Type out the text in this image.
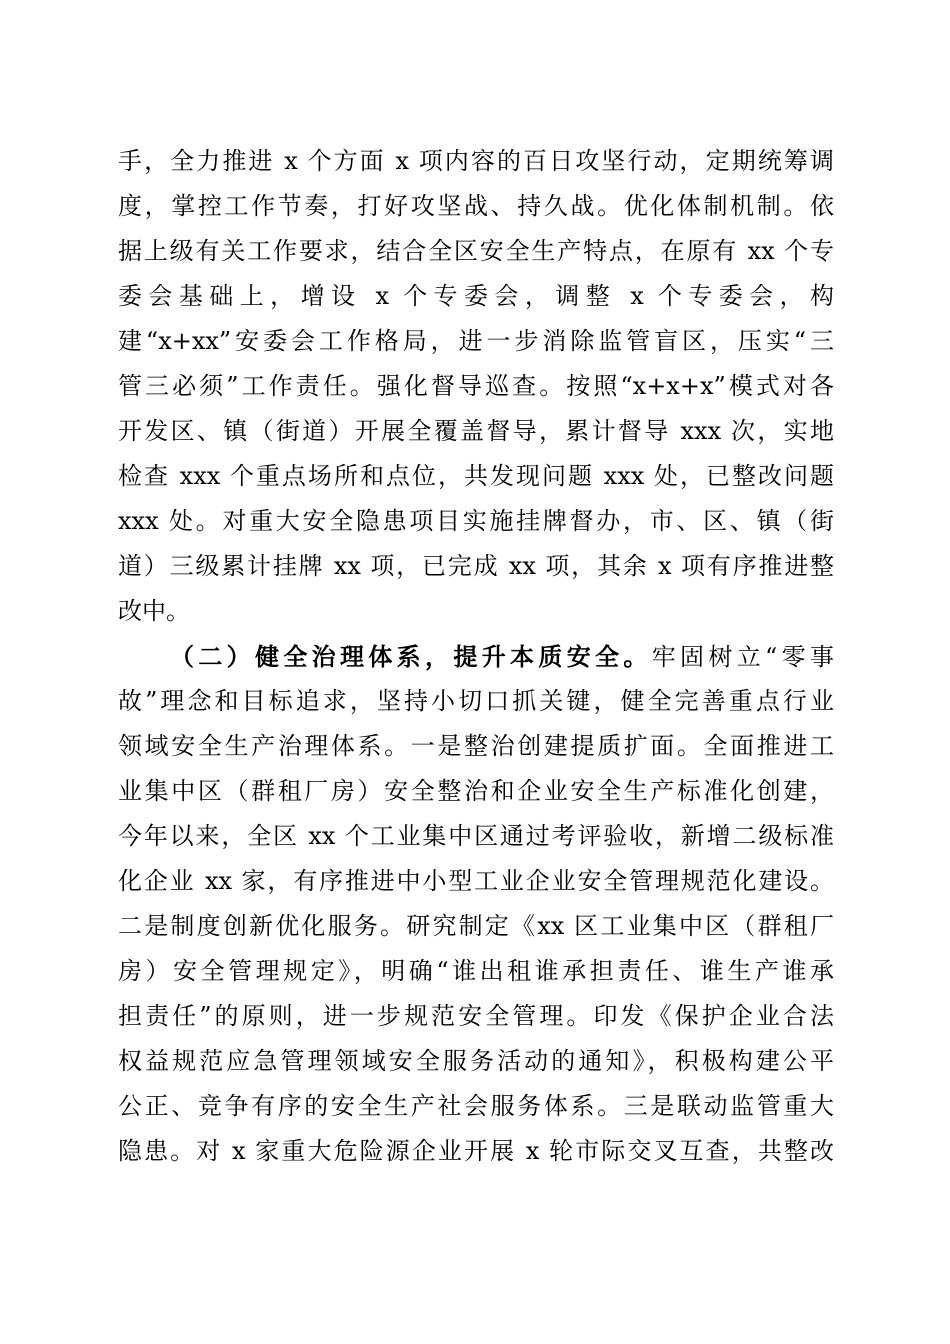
手，全力推进 x 个方面 x 项内容的百日攻坚行动，定期统筹调
度，掌控工作节奏，打好攻坚战、持久战。优化体制机制。依
据上级有关工作要求，结合全区安全生产特点，在原有 xx 个专
委会基础上，增设 x 个专委会，调整 x 个专委会，构
建“x+xx”安委会工作格局，进一步消除监管盲区，压实“三
管三必须”工作责任。强化督导巡查。按照“x+x+x”模式对各
开发区、镇（街道）开展全覆盖督导，累计督导 xxx 次，实地
检查 xxx 个重点场所和点位，共发现问题 xxx 处，已整改问题
xxx 处。对重大安全隐患项目实施挂牌督办，市、区、镇（街
道）三级累计挂牌 xx 项，已完成 xx 项，其余 x 项有序推进整
改中。
（二）健全治理体系，提升本质安全。牢固树立“零事
故”理念和目标追求，坚持小切口抓关键，健全完善重点行业
领域安全生产治理体系。一是整治创建提质扩面。全面推进工
业集中区（群租厂房）安全整治和企业安全生产标准化创建，
今年以来，全区 xx 个工业集中区通过考评验收，新增二级标准
化企业 xx 家，有序推进中小型工业企业安全管理规范化建设。
二是制度创新优化服务。研究制定《xx 区工业集中区（群租厂
房）安全管理规定》，明确“谁出租谁承担责任、谁生产谁承
担责任”的原则，进一步规范安全管理。印发《保护企业合法
权益规范应急管理领域安全服务活动的通知》，积极构建公平
公正、竞争有序的安全生产社会服务体系。三是联动监管重大
隐患。对 x 家重大危险源企业开展 x 轮市际交叉互查，共整改
